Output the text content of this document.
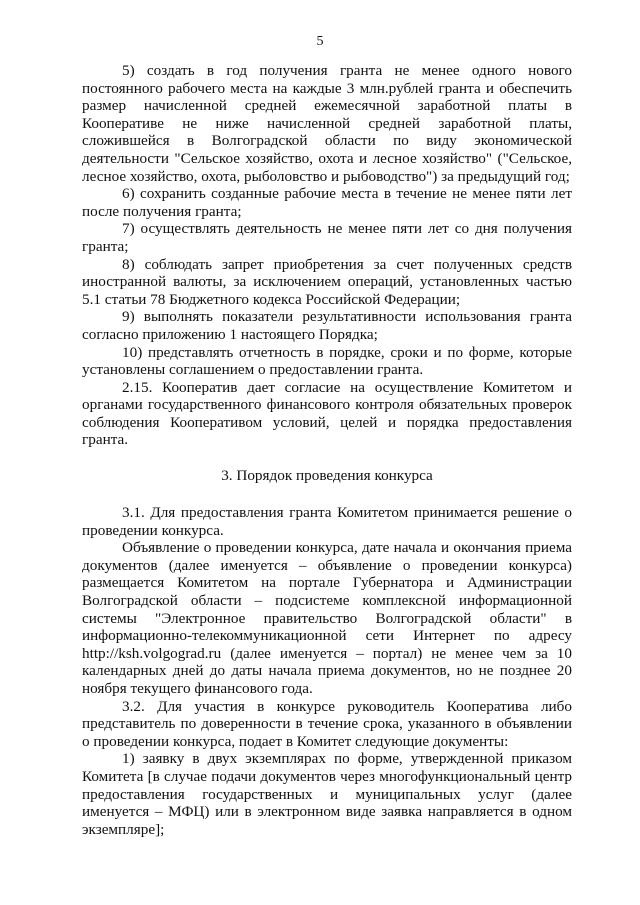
5

5) создать в год получения гранта не менее одного нового постоянного рабочего места на каждые 3 млн.рублей гранта и обеспечить размер начисленной средней ежемесячной заработной платы в Кооперативе не ниже начисленной средней заработной платы, сложившейся в Волгоградской области по виду экономической деятельности "Сельское хозяйство, охота и лесное хозяйство" ("Сельское, лесное хозяйство, охота, рыболовство и рыбоводство") за предыдущий год;

6) сохранить созданные рабочие места в течение не менее пяти лет после получения гранта;

7) осуществлять деятельность не менее пяти лет со дня получения гранта;

8) соблюдать запрет приобретения за счет полученных средств иностранной валюты, за исключением операций, установленных частью 5.1 статьи 78 Бюджетного кодекса Российской Федерации;

9) выполнять показатели результативности использования гранта согласно приложению 1 настоящего Порядка;

10) представлять отчетность в порядке, сроки и по форме, которые установлены соглашением о предоставлении гранта.

2.15. Кооператив дает согласие на осуществление Комитетом и органами государственного финансового контроля обязательных проверок соблюдения Кооперативом условий, целей и порядка предоставления гранта.

3. Порядок проведения конкурса

3.1. Для предоставления гранта Комитетом принимается решение о проведении конкурса.

Объявление о проведении конкурса, дате начала и окончания приема документов (далее именуется – объявление о проведении конкурса) размещается Комитетом на портале Губернатора и Администрации Волгоградской области – подсистеме комплексной информационной системы "Электронное правительство Волгоградской области" в информационно-телекоммуникационной сети Интернет по адресу http://ksh.volgograd.ru (далее именуется – портал) не менее чем за 10 календарных дней до даты начала приема документов, но не позднее 20 ноября текущего финансового года.

3.2. Для участия в конкурсе руководитель Кооператива либо представитель по доверенности в течение срока, указанного в объявлении о проведении конкурса, подает в Комитет следующие документы:

1) заявку в двух экземплярах по форме, утвержденной приказом Комитета [в случае подачи документов через многофункциональный центр предоставления государственных и муниципальных услуг (далее именуется – МФЦ) или в электронном виде заявка направляется в одном экземпляре];
